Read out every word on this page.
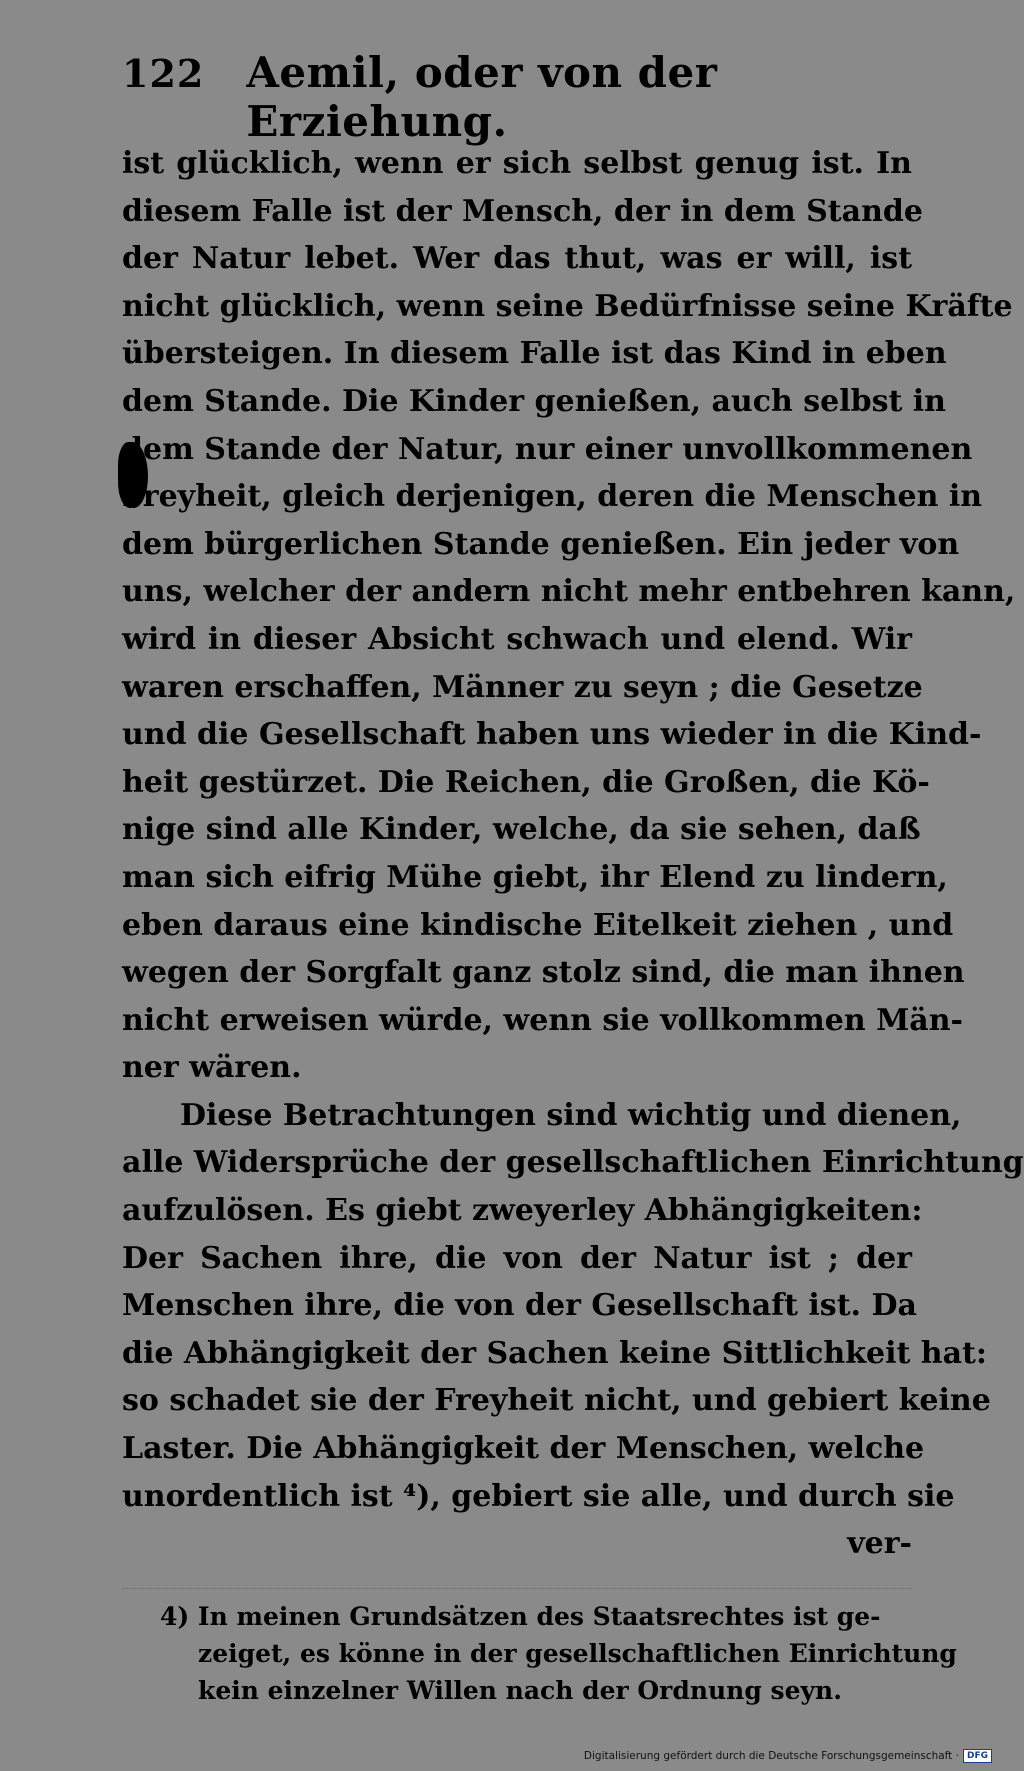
122 Aemil, oder von der Erziehung.
ist glücklich, wenn er sich selbst genug ist. In
diesem Falle ist der Mensch, der in dem Stande
der Natur lebet. Wer das thut, was er will, ist
nicht glücklich, wenn seine Bedürfnisse seine Kräfte
übersteigen. In diesem Falle ist das Kind in eben
dem Stande. Die Kinder genießen, auch selbst in
dem Stande der Natur, nur einer unvollkommenen
Freyheit, gleich derjenigen, deren die Menschen in
dem bürgerlichen Stande genießen. Ein jeder von
uns, welcher der andern nicht mehr entbehren kann,
wird in dieser Absicht schwach und elend. Wir
waren erschaffen, Männer zu seyn ; die Gesetze
und die Gesellschaft haben uns wieder in die Kind-
heit gestürzet. Die Reichen, die Großen, die Kö-
nige sind alle Kinder, welche, da sie sehen, daß
man sich eifrig Mühe giebt, ihr Elend zu lindern,
eben daraus eine kindische Eitelkeit ziehen , und
wegen der Sorgfalt ganz stolz sind, die man ihnen
nicht erweisen würde, wenn sie vollkommen Män-
ner wären.
Diese Betrachtungen sind wichtig und dienen,
alle Widersprüche der gesellschaftlichen Einrichtung
aufzulösen. Es giebt zweyerley Abhängigkeiten:
Der Sachen ihre, die von der Natur ist ; der
Menschen ihre, die von der Gesellschaft ist. Da
die Abhängigkeit der Sachen keine Sittlichkeit hat:
so schadet sie der Freyheit nicht, und gebiert keine
Laster. Die Abhängigkeit der Menschen, welche
unordentlich ist ⁴), gebiert sie alle, und durch sie
ver-
4) In meinen Grundsätzen des Staatsrechtes ist ge-
zeiget, es könne in der gesellschaftlichen Einrichtung
kein einzelner Willen nach der Ordnung seyn.
Digitalisierung gefördert durch die Deutsche Forschungsgemeinschaft · DFG
